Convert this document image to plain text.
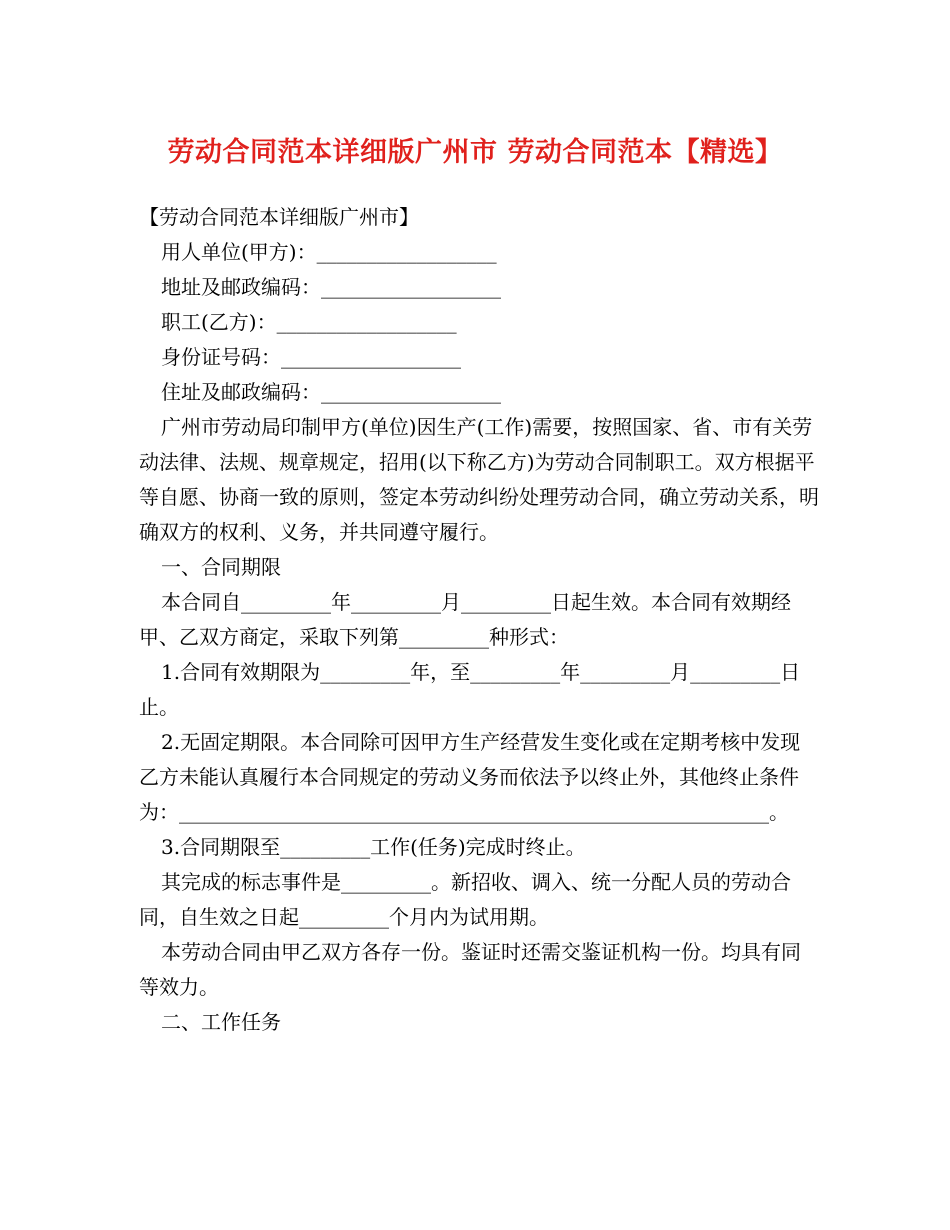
劳动合同范本详细版广州市 劳动合同范本【精选】

【劳动合同范本详细版广州市】

用人单位(甲方)：__________________

地址及邮政编码：__________________

职工(乙方)：__________________

身份证号码：__________________

住址及邮政编码：__________________

广州市劳动局印制甲方(单位)因生产(工作)需要，按照国家、省、市有关劳动法律、法规、规章规定，招用(以下称乙方)为劳动合同制职工。双方根据平等自愿、协商一致的原则，签定本劳动纠纷处理劳动合同，确立劳动关系，明确双方的权利、义务，并共同遵守履行。

一、合同期限

本合同自_________年_________月_________日起生效。本合同有效期经甲、乙双方商定，采取下列第_________种形式：

1.合同有效期限为_________年，至_________年_________月_________日止。

2.无固定期限。本合同除可因甲方生产经营发生变化或在定期考核中发现乙方未能认真履行本合同规定的劳动义务而依法予以终止外，其他终止条件为：___________________________________________________________。

3.合同期限至_________工作(任务)完成时终止。

其完成的标志事件是_________。新招收、调入、统一分配人员的劳动合同，自生效之日起_________个月内为试用期。

本劳动合同由甲乙双方各存一份。鉴证时还需交鉴证机构一份。均具有同等效力。

二、工作任务
